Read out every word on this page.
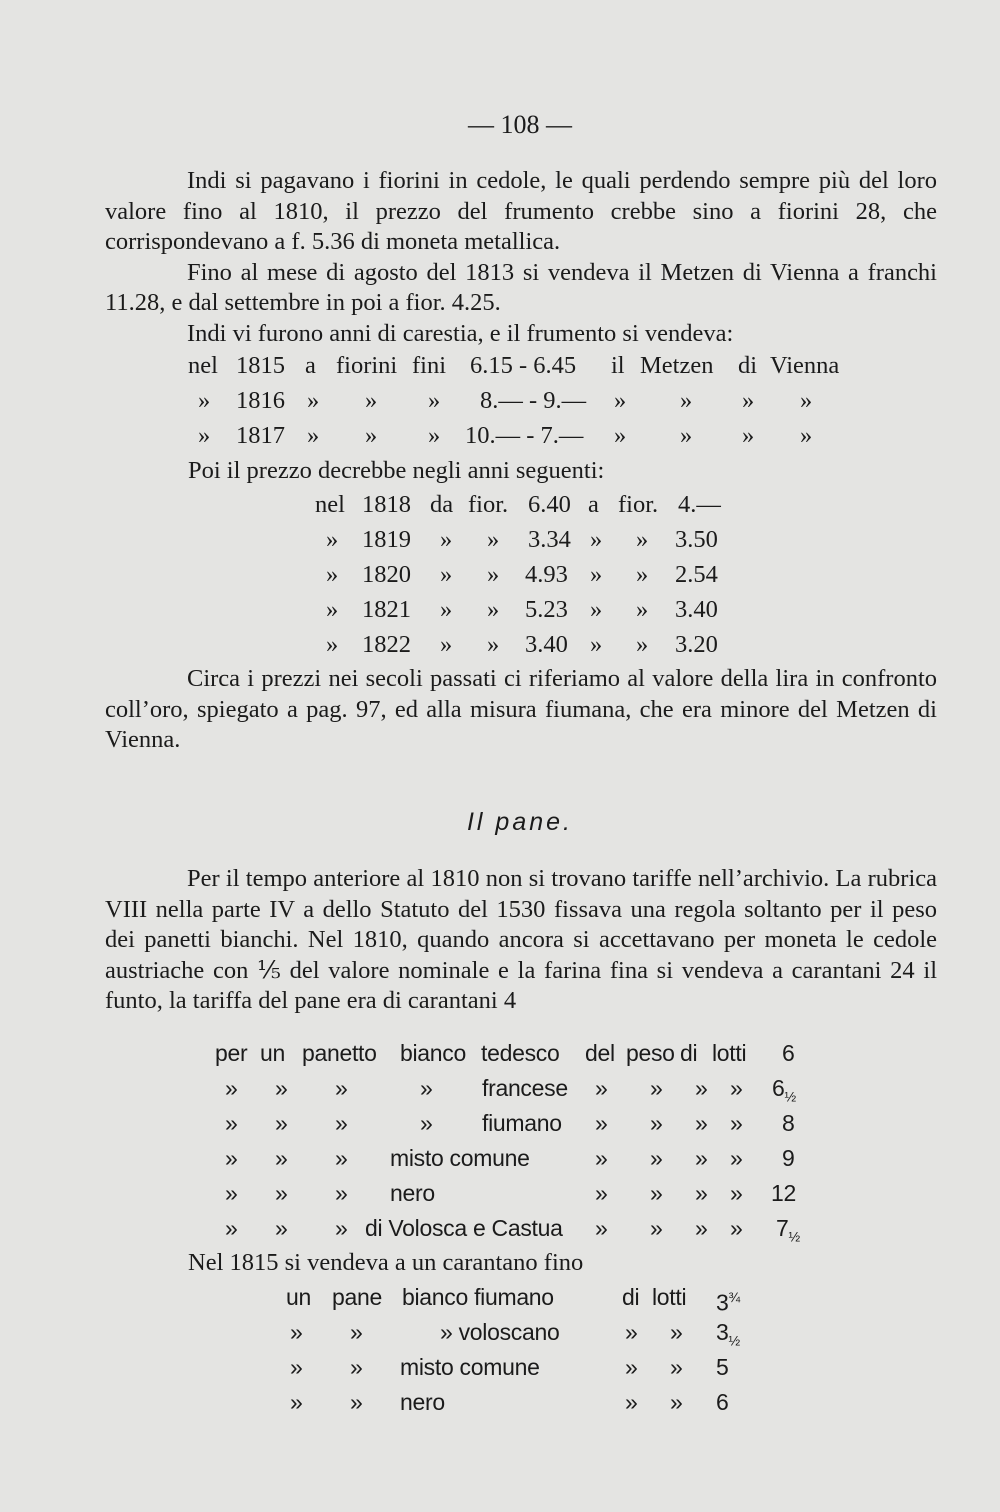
— 108 —

Indi si pagavano i fiorini in cedole, le quali perdendo sempre più del loro valore fino al 1810, il prezzo del frumento crebbe sino a fiorini 28, che corrispondevano a f. 5.36 di moneta metallica.

Fino al mese di agosto del 1813 si vendeva il Metzen di Vienna a franchi 11.28, e dal settembre in poi a fior. 4.25.

Indi vi furono anni di carestia, e il frumento si vendeva:

nel 1815 a fiorini fini 6.15 - 6.45 il Metzen di Vienna
» 1816 » » » 8.— - 9.— » » » »
» 1817 » » » 10.— - 7.— » » » »
Poi il prezzo decrebbe negli anni seguenti:
nel 1818 da fior. 6.40 a fior. 4.—
» 1819 » » 3.34 » » 3.50
» 1820 » » 4.93 » » 2.54
» 1821 » » 5.23 » » 3.40
» 1822 » » 3.40 » » 3.20

Circa i prezzi nei secoli passati ci riferiamo al valore della lira in confronto coll’oro, spiegato a pag. 97, ed alla misura fiumana, che era minore del Metzen di Vienna.

Il pane.

Per il tempo anteriore al 1810 non si trovano tariffe nell’archivio. La rubrica VIII nella parte IV a dello Statuto del 1530 fissava una regola soltanto per il peso dei panetti bianchi. Nel 1810, quando ancora si accettavano per moneta le cedole austriache con ⅕ del valore nominale e la farina fina si vendeva a carantani 24 il funto, la tariffa del pane era di carantani 4

per un panetto bianco tedesco del peso di lotti 6
» » »	» francese » » » » $6_{\frac{1}{2}}$
» » »	» fiumano » » » » 8
» » » misto comune	» » » » 9
» » » nero	» » » » 12
» » » di Volosca e Castua » » » » $7_{\frac{1}{2}}$
Nel 1815 si vendeva a un carantano fino
un pane bianco fiumano	di lotti $3^{\frac{3}{4}}$
» »	» voloscano	» » $3_{\frac{1}{2}}$
» » misto comune	» » 5
» » nero	» » 6
